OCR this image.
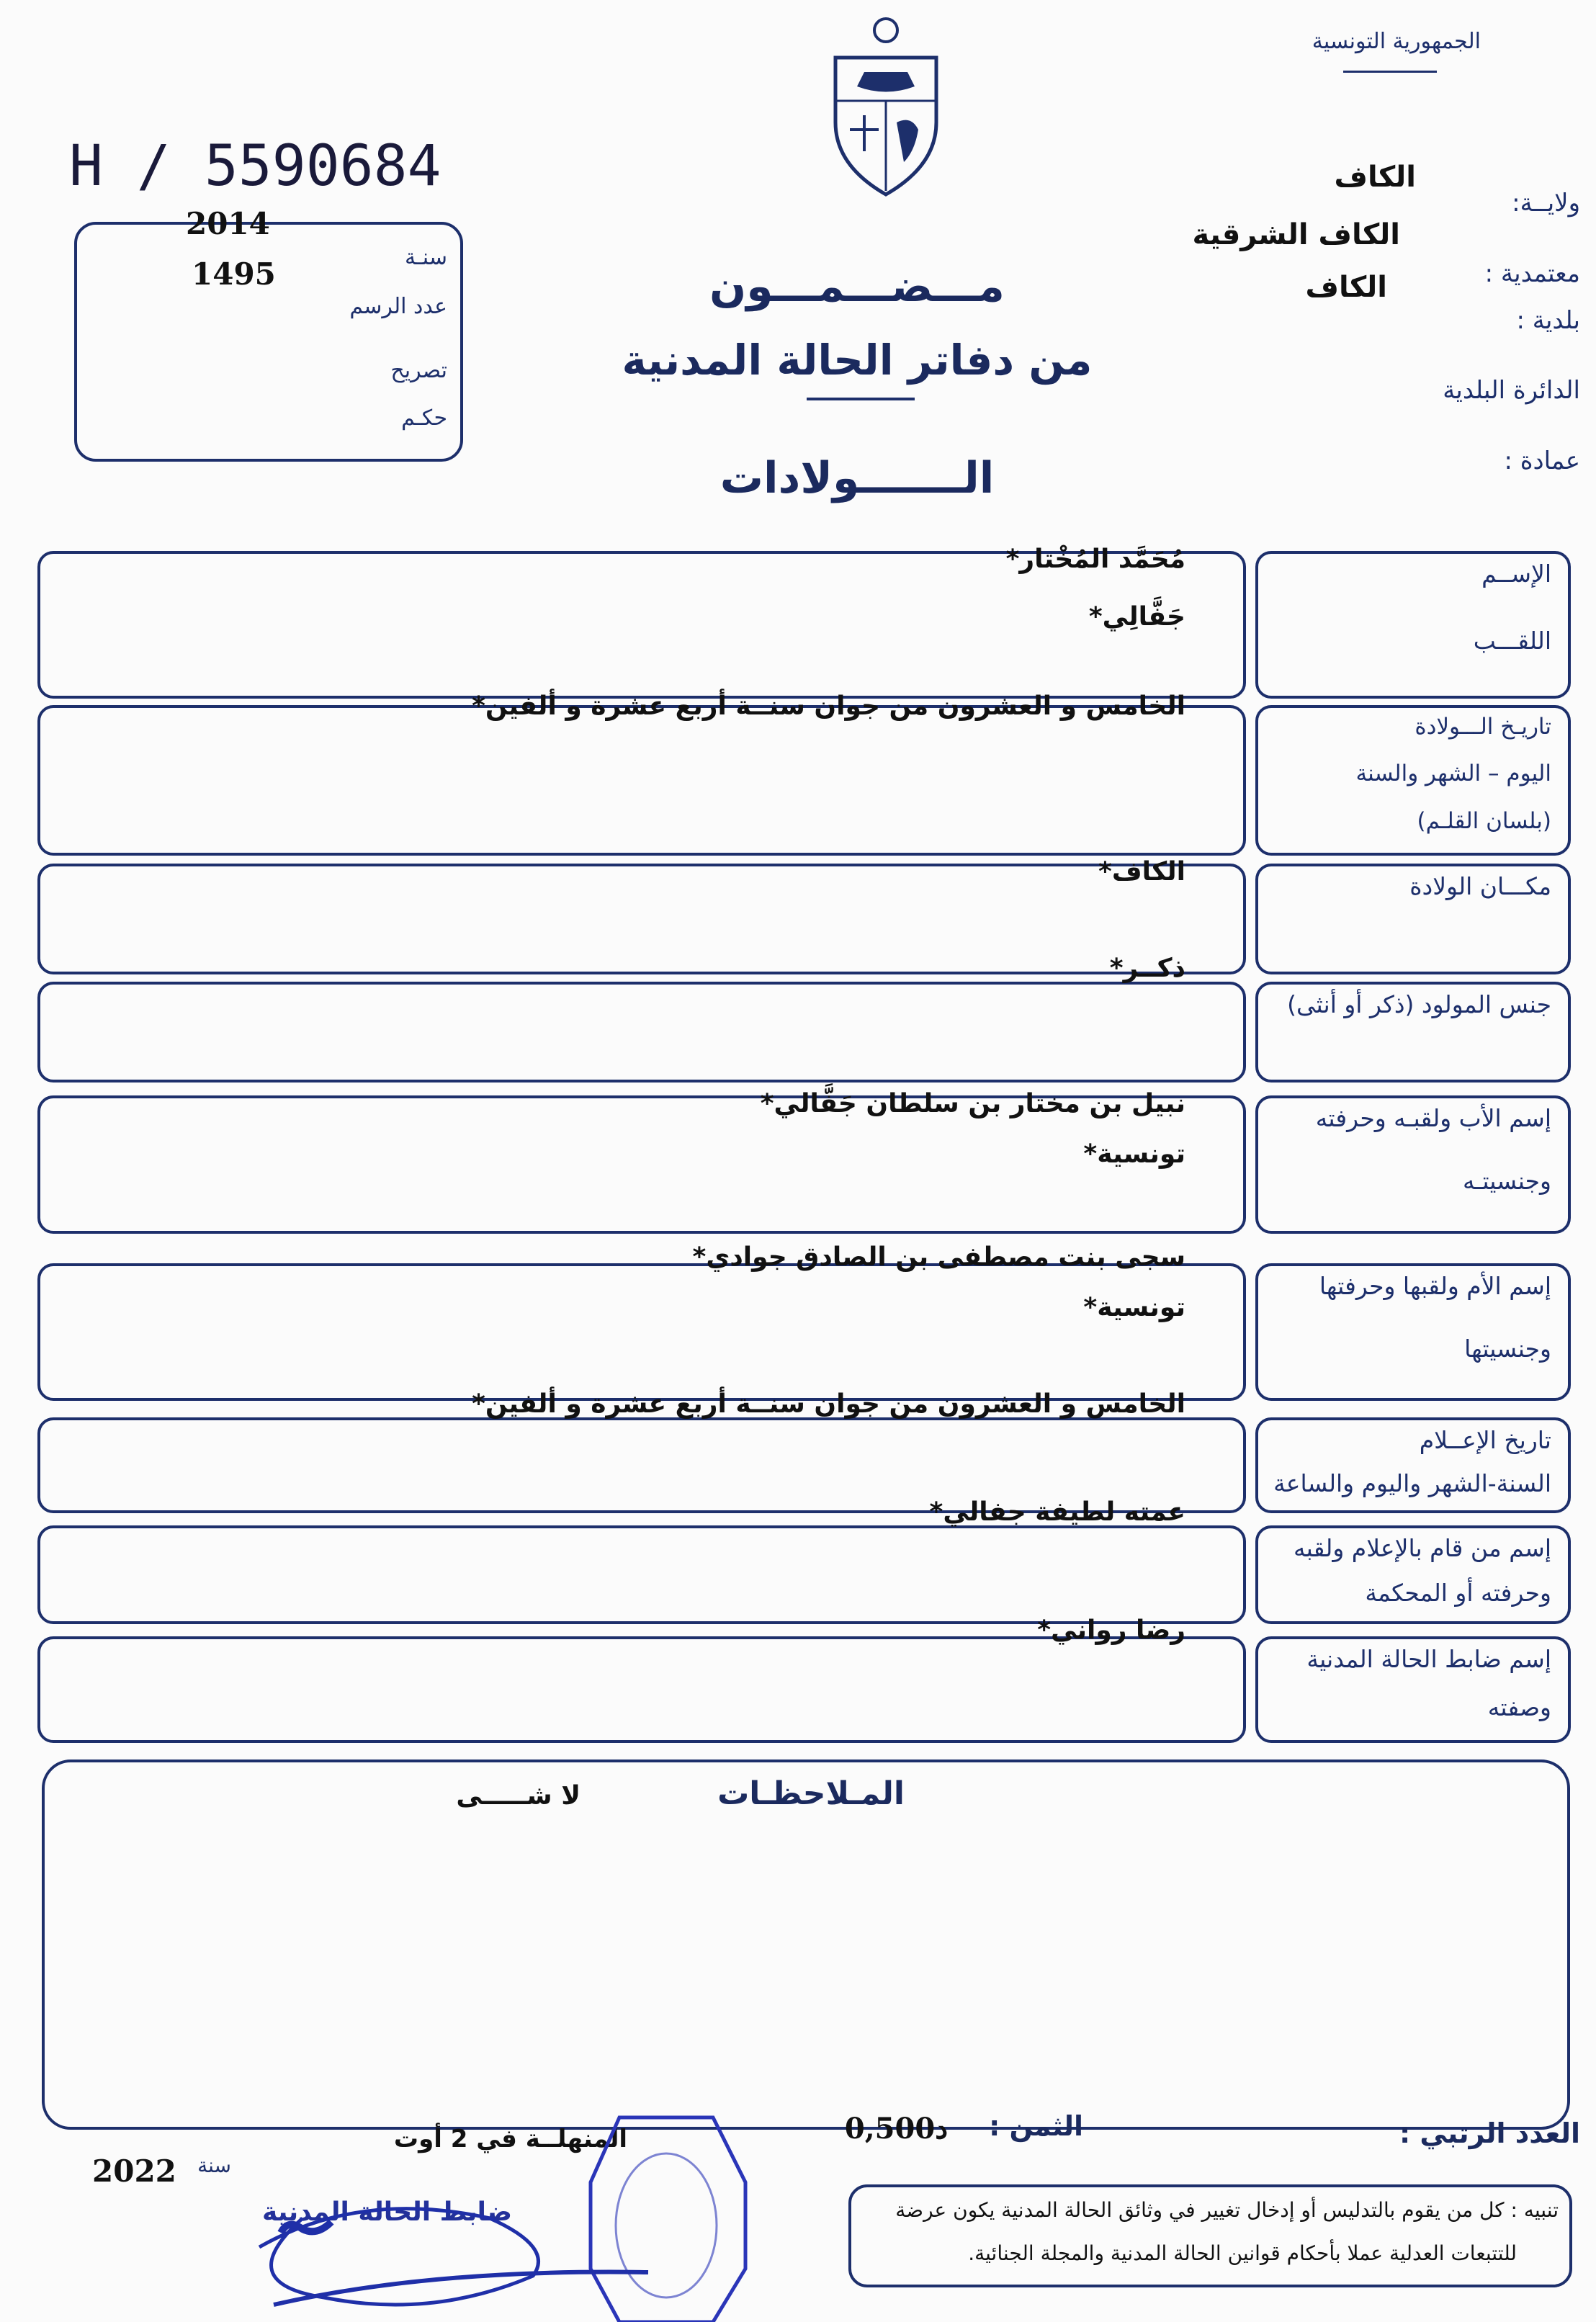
الجمهورية التونسية
H / 5590684
2014
1495	سنـة
عدد الرسم
تصريح
حكـم
الكاف
ولايــة:
الكاف الشرقية
معتمدية :
الكاف
بلدية :
الدائرة البلدية
عمادة :
مـــضـــمـــون
من دفاتر الحالة المدنية
الـــــــولادات
الإســم
اللقـــب
مُحَمَّد المُخْتار*
جَفَّالِي*
تاريـخ الـــولادة
اليوم – الشهر والسنة
(بلسان القلـم)
الخامس و العشرون من جوان سنــة أربع عشرة و ألفين*
مكـــان الولادة
الكاف*
جنس المولود (ذكر أو أنثى)
ذكــر*
إسم الأب ولقبـه وحرفته
وجنسيتـه
نبيل بن مختار بن سلطان جَفَّالي*
تونسية*
إسم الأم ولقبها وحرفتها
وجنسيتها
سجى بنت مصطفى بن الصادق جوادي*
تونسية*
تاريخ الإعــلام
السنة-الشهر واليوم والساعة
الخامس و العشرون من جوان سنــة أربع عشرة و ألفين*
إسم من قام بالإعلام ولقبه
وحرفته أو المحكمة
عمته لطيفة جفالي*
إسم ضابط الحالة المدنية
وصفته
رضا رواني*
المـلاحظـات
لا شـــــى
العدد الرتبي :
الثمن :
0,500د
المنهلــة في 2 أوت
2022 سنة
ضابط الحالة المدنية	تنبيه : كل من يقوم بالتدليس أو إدخال تغيير في وثائق الحالة المدنية يكون عرضة
للتتبعات العدلية عملا بأحكام قوانين الحالة المدنية والمجلة الجنائية.
